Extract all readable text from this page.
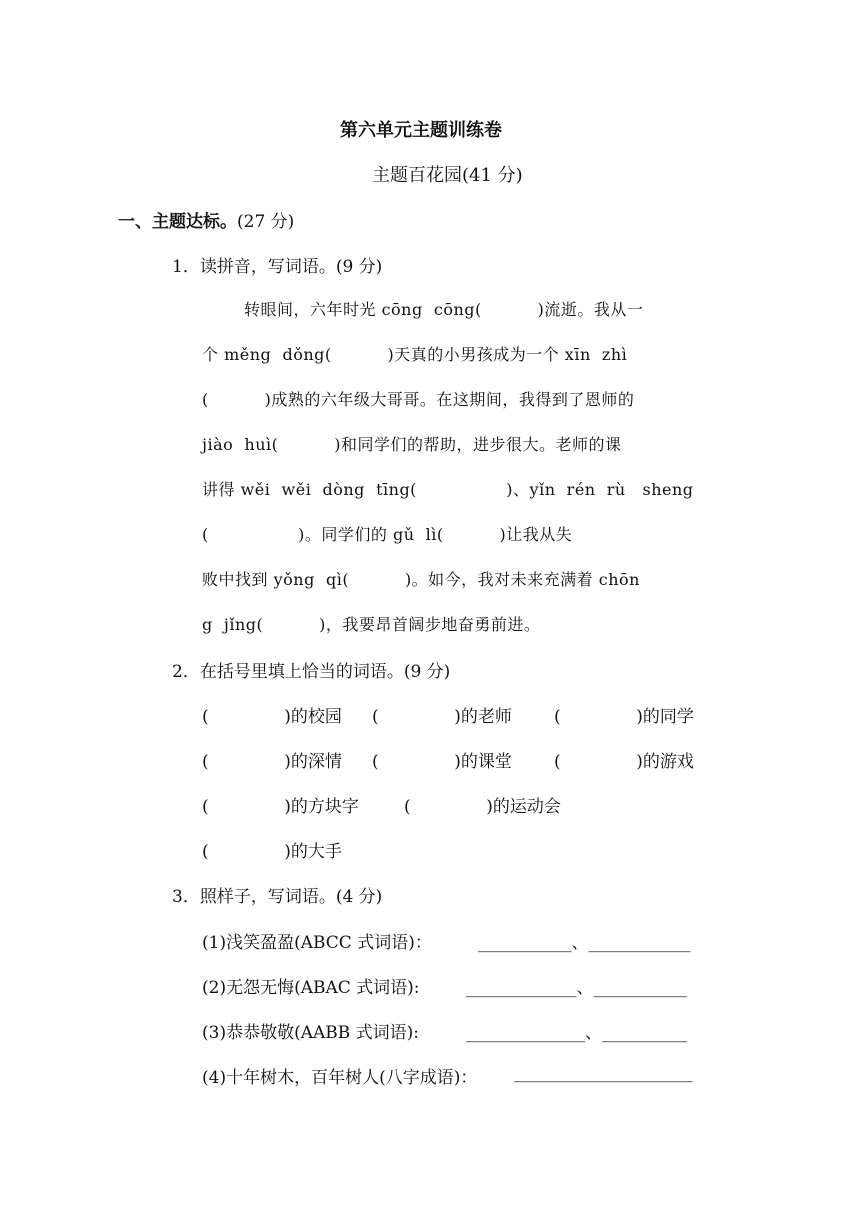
第六单元主题训练卷
主题百花园(41 分)
一、主题达标。(27 分)
1．读拼音，写词语。(9 分)
转眼间，六年时光 cōng  cōng(          )流逝。我从一
个 měng  dǒng(          )天真的小男孩成为一个 xīn  zhì
(          )成熟的六年级大哥哥。在这期间，我得到了恩师的
jiào  huì(          )和同学们的帮助，进步很大。老师的课
讲得 wěi  wěi  dòng  tīng(                )、yǐn  rén  rù   sheng
(                )。同学们的 gǔ  lì(          )让我从失
败中找到 yǒng  qì(          )。如今，我对未来充满着 chōn
g  jǐng(          )，我要昂首阔步地奋勇前进。
2．在括号里填上恰当的词语。(9 分)
(              )的校园 (              )的老师 (              )的同学
(              )的深情 (              )的课堂 (              )的游戏
(              )的方块字	(              )的运动会
(              )的大手
3．照样子，写词语。(4 分)
(1)浅笑盈盈(ABCC 式词语)：	___________、____________
(2)无怨无悔(ABAC 式词语):	_____________、___________
(3)恭恭敬敬(AABB 式词语):	______________、__________
(4)十年树木，百年树人(八字成语)： _____________________
